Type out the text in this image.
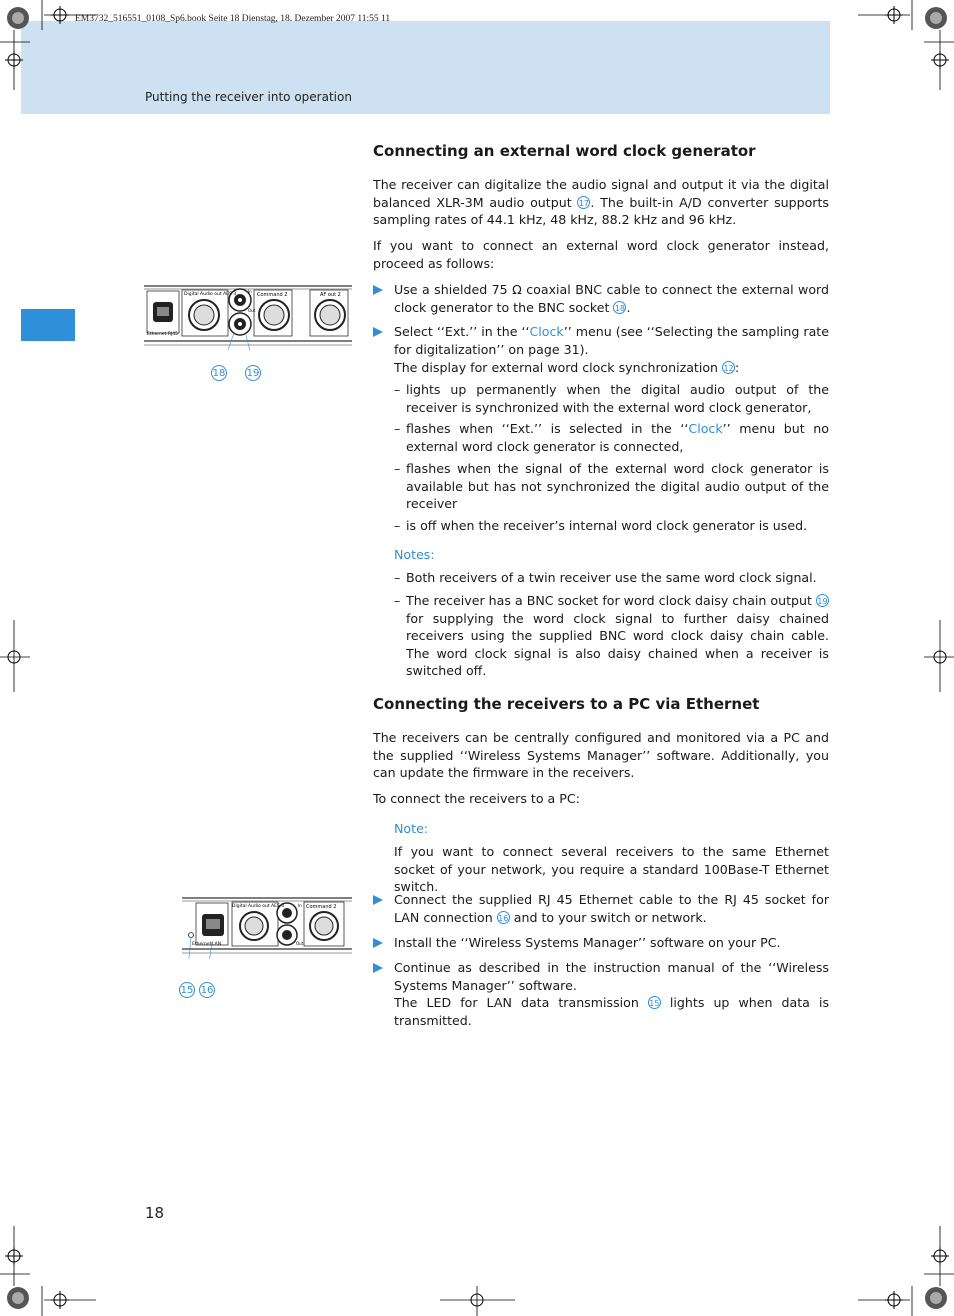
EM3732_516551_0108_Sp6.book Seite 18 Dienstag, 18. Dezember 2007 11:55 11
Putting the receiver into operation
Connecting an external word clock generator
The receiver can digitalize the audio signal and output it via the digital balanced XLR-3M audio output 17. The built-in A/D converter supports sampling rates of 44.1 kHz, 48 kHz, 88.2 kHz and 96 kHz.
If you want to connect an external word clock generator instead, proceed as follows:
Use a shielded 75 Ω coaxial BNC cable to connect the external word clock generator to the BNC socket 18.
Select ‘‘Ext.’’ in the ‘‘Clock’’ menu (see ‘‘Selecting the sampling rate for digitalization’’ on page 31).
The display for external word clock synchronization 12:
– lights up permanently when the digital audio output of the receiver is synchronized with the external word clock generator,
– flashes when ‘‘Ext.’’ is selected in the ‘‘Clock’’ menu but no external word clock generator is connected,
– flashes when the signal of the external word clock generator is available but has not synchronized the digital audio output of the receiver
– is off when the receiver’s internal word clock generator is used.
Notes:
– Both receivers of a twin receiver use the same word clock signal.
– The receiver has a BNC socket for word clock daisy chain output 19 for supplying the word clock signal to further daisy chained receivers using the supplied BNC word clock daisy chain cable. The word clock signal is also daisy chained when a receiver is switched off.
Ethernet RJ45
Digital Audio out AES 3	Command 2	AF out 2
In
Out
18 19
Connecting the receivers to a PC via Ethernet
The receivers can be centrally configured and monitored via a PC and the supplied ‘‘Wireless Systems Manager’’ software. Additionally, you can update the firmware in the receivers.
To connect the receivers to a PC:
Note:
If you want to connect several receivers to the same Ethernet socket of your network, you require a standard 100Base-T Ethernet switch.
Connect the supplied RJ 45 Ethernet cable to the RJ 45 socket for LAN connection 16 and to your switch or network.
Install the ‘‘Wireless Systems Manager’’ software on your PC.
Continue as described in the instruction manual of the ‘‘Wireless Systems Manager’’ software.
The LED for LAN data transmission 15 lights up when data is transmitted.
Ethernet LAN
Digital Audio out AES 3	Command 2
In
Out
15 16
18
